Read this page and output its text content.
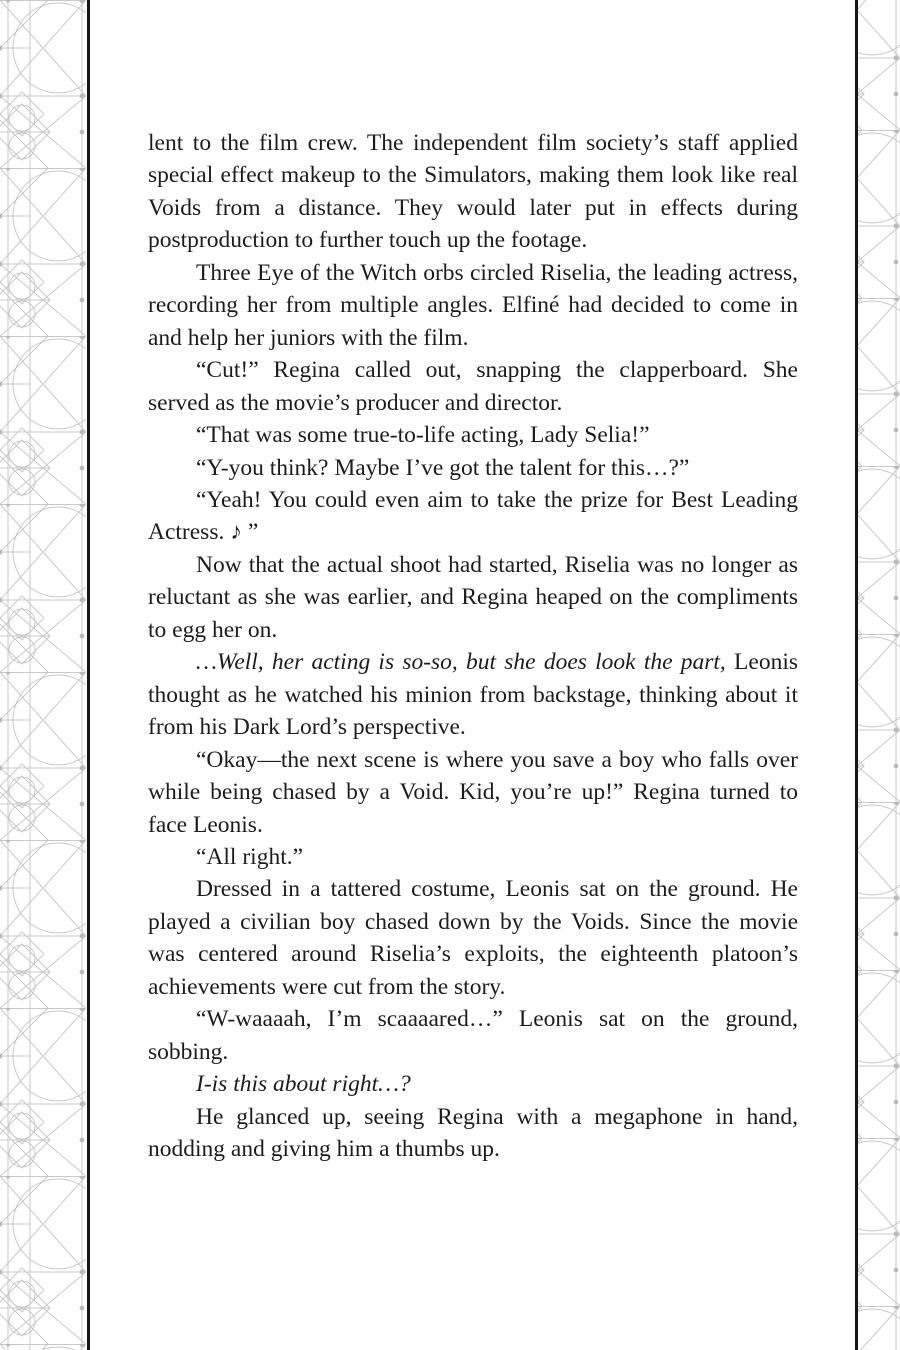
lent to the film crew. The independent film society’s staff applied special effect makeup to the Simulators, making them look like real Voids from a distance. They would later put in effects during postproduction to further touch up the footage.

Three Eye of the Witch orbs circled Riselia, the leading actress, recording her from multiple angles. Elfiné had decided to come in and help her juniors with the film.

“Cut!” Regina called out, snapping the clapperboard. She served as the movie’s producer and director.

“That was some true-to-life acting, Lady Selia!”

“Y-you think? Maybe I’ve got the talent for this…?”

“Yeah! You could even aim to take the prize for Best Leading Actress. ♪ ”

Now that the actual shoot had started, Riselia was no longer as reluctant as she was earlier, and Regina heaped on the compliments to egg her on.

…Well, her acting is so-so, but she does look the part, Leonis thought as he watched his minion from backstage, thinking about it from his Dark Lord’s perspective.

“Okay—the next scene is where you save a boy who falls over while being chased by a Void. Kid, you’re up!” Regina turned to face Leonis.

“All right.”

Dressed in a tattered costume, Leonis sat on the ground. He played a civilian boy chased down by the Voids. Since the movie was centered around Riselia’s exploits, the eighteenth platoon’s achievements were cut from the story.

“W-waaaah, I’m scaaaared…” Leonis sat on the ground, sobbing.

I-is this about right…?

He glanced up, seeing Regina with a megaphone in hand, nodding and giving him a thumbs up.
